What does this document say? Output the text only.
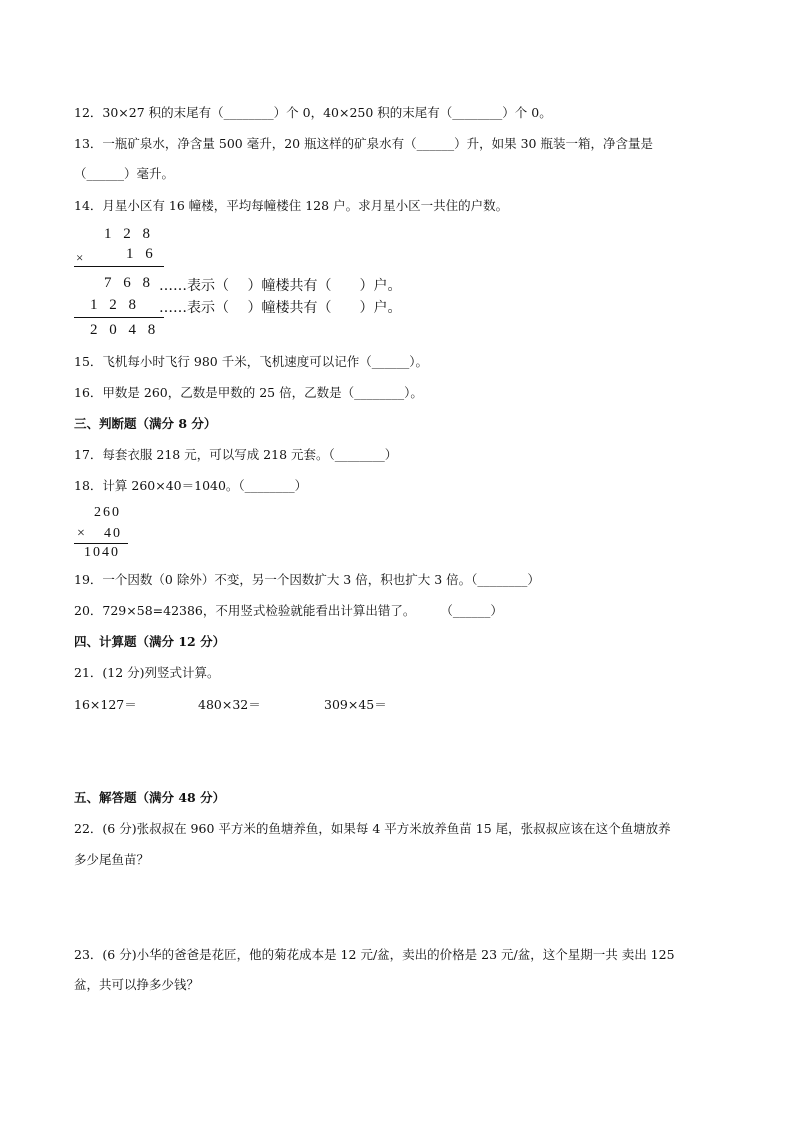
12．30×27 积的末尾有（________）个 0，40×250 积的末尾有（________）个 0。
13．一瓶矿泉水，净含量 500 毫升，20 瓶这样的矿泉水有（______）升，如果 30 瓶装一箱，净含量是
（______）毫升。
14．月星小区有 16 幢楼，平均每幢楼住 128 户。求月星小区一共住的户数。
1 2 8
×	1 6
7 6 8 ……表示（　 ）幢楼共有（　　）户。
1 2 8 ……表示（　 ）幢楼共有（　　）户。
2 0 4 8
15．飞机每小时飞行 980 千米，飞机速度可以记作（______）。
16．甲数是 260，乙数是甲数的 25 倍，乙数是（________）。
三、判断题（满分 8 分）
17．每套衣服 218 元，可以写成 218 元套。（________）
18．计算 260×40＝1040。（________）
260
× 40
1040
19．一个因数（0 除外）不变，另一个因数扩大 3 倍，积也扩大 3 倍。（________）
20．729×58=42386，不用竖式检验就能看出计算出错了。　　　（______）
四、计算题（满分 12 分）
21．(12 分)列竖式计算。
16×127＝	480×32＝	309×45＝
五、解答题（满分 48 分）
22．(6 分)张叔叔在 960 平方米的鱼塘养鱼，如果每 4 平方米放养鱼苗 15 尾，张叔叔应该在这个鱼塘放养
多少尾鱼苗？
23．(6 分)小华的爸爸是花匠，他的菊花成本是 12 元/盆，卖出的价格是 23 元/盆，这个星期一共 卖出 125
盆，共可以挣多少钱？
